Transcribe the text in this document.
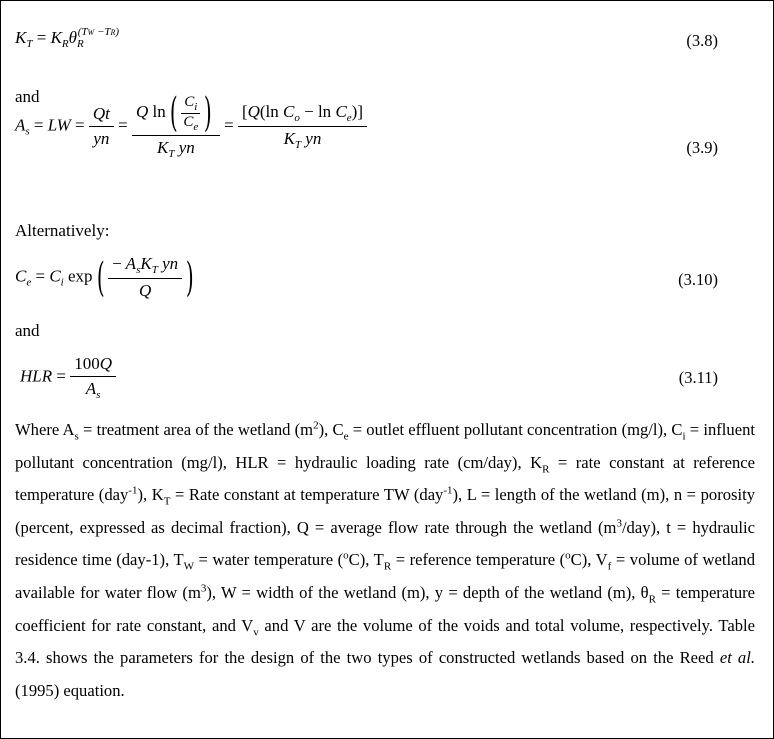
$K_T = K_R\theta_R^{(TW -TR)}$	(3.8)
and
$A_s$ = LW = $\frac{Qt}{yn} = \frac{Q \ln( \frac{C_i}{C_e} )}{K_T yn} = \frac{[Q(\ln C_o - \ln C_e)]}{K_T yn}$	(3.9)
Alternatively:
$C_e = C_i$ $\exp( \frac{- A_sK_T yn}{Q}$ )	(3.10)
and
HLR = $\frac{100Q}{A_s}$	(3.11)
Where $A_s$ = treatment area of the wetland $(m^2)$, $C_e$ = outlet effluent pollutant concentration (mg/l), $C_i$ = influent pollutant concentration (mg/l), HLR = hydraulic loading rate (cm/day), $K_R$ = rate constant at reference temperature (day$^{-1}$), $K_T$ = Rate constant at temperature TW (day$^{-1}$), L = length of the wetland (m), n = porosity (percent, expressed as decimal fraction), Q = average flow rate through the wetland $(m^3/day)$, t = hydraulic residence time (day-1), $T_W$ = water temperature ($^o$C), $T_R$ = reference temperature ($^o$C), $V_f$ = volume of wetland available for water flow $(m^3)$, W = width of the wetland (m), y = depth of the wetland (m), $\theta_R$ = temperature coefficient for rate constant, and $V_v$ and V are the volume of the voids and total volume, respectively. Table 3.4. shows the parameters for the design of the two types of constructed wetlands based on the Reed et al. (1995) equation.
